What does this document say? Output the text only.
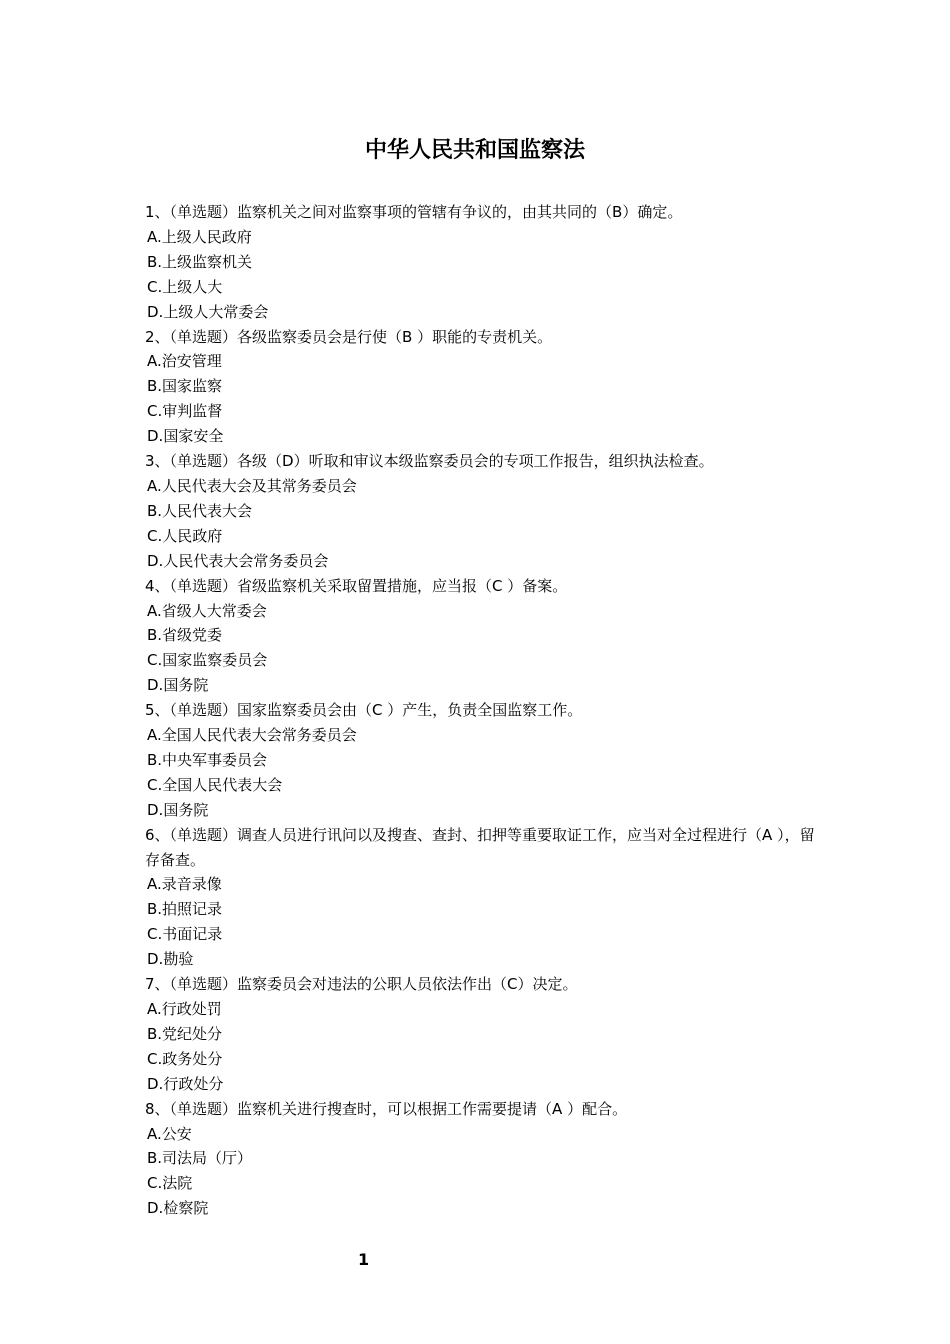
中华人民共和国监察法

1、（单选题）监察机关之间对监察事项的管辖有争议的，由其共同的（B）确定。

A.上级人民政府

B.上级监察机关

C.上级人大

D.上级人大常委会

2、（单选题）各级监察委员会是行使（B ）职能的专责机关。

A.治安管理

B.国家监察

C.审判监督

D.国家安全

3、（单选题）各级（D）听取和审议本级监察委员会的专项工作报告，组织执法检查。

A.人民代表大会及其常务委员会

B.人民代表大会

C.人民政府

D.人民代表大会常务委员会

4、（单选题）省级监察机关采取留置措施，应当报（C ）备案。

A.省级人大常委会

B.省级党委

C.国家监察委员会

D.国务院

5、（单选题）国家监察委员会由（C ）产生，负责全国监察工作。

A.全国人民代表大会常务委员会

B.中央军事委员会

C.全国人民代表大会

D.国务院

6、（单选题）调查人员进行讯问以及搜查、查封、扣押等重要取证工作，应当对全过程进行（A ），留存备查。

A.录音录像

B.拍照记录

C.书面记录

D.勘验

7、（单选题）监察委员会对违法的公职人员依法作出（C）决定。

A.行政处罚

B.党纪处分

C.政务处分

D.行政处分

8、（单选题）监察机关进行搜查时，可以根据工作需要提请（A ）配合。

A.公安

B.司法局（厅）

C.法院

D.检察院

1
